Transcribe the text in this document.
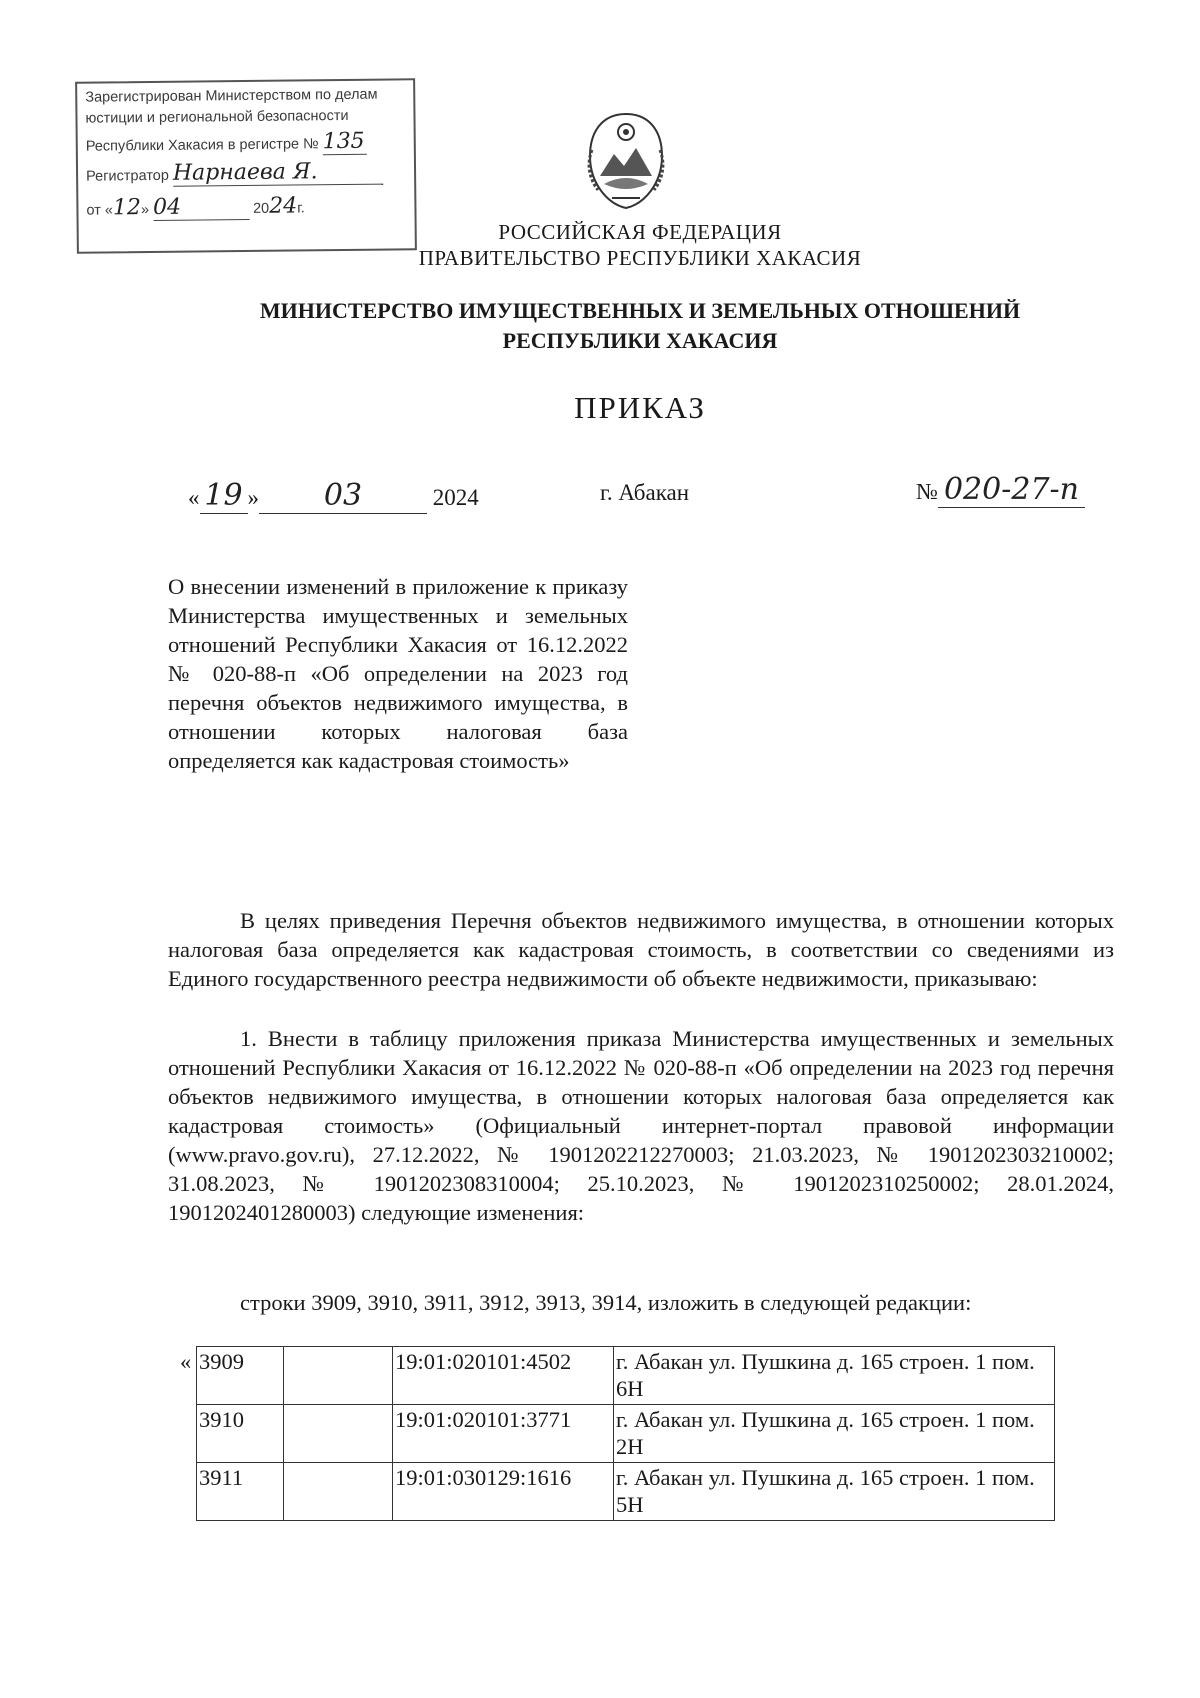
Зарегистрирован Министерством по делам
юстиции и региональной безопасности
Республики Хакасия в регистре № 135
Регистратор Нарнаева Я.
от «12» 04	2024г.
РОССИЙСКАЯ ФЕДЕРАЦИЯ
ПРАВИТЕЛЬСТВО РЕСПУБЛИКИ ХАКАСИЯ
МИНИСТЕРСТВО ИМУЩЕСТВЕННЫХ И ЗЕМЕЛЬНЫХ ОТНОШЕНИЙ
РЕСПУБЛИКИ ХАКАСИЯ
ПРИКАЗ
« 19 » 03	2024	г. Абакан	№ 020-27-п

О внесении изменений в приложение к приказу Министерства имущественных и земельных отношений Республики Хакасия от 16.12.2022 № 020-88-п «Об определении на 2023 год перечня объектов недвижимого имущества, в отношении которых налоговая база определяется как кадастровая стоимость»

В целях приведения Перечня объектов недвижимого имущества, в отношении которых налоговая база определяется как кадастровая стоимость, в соответствии со сведениями из Единого государственного реестра недвижимости об объекте недвижимости, приказываю:

1. Внести в таблицу приложения приказа Министерства имущественных и земельных отношений Республики Хакасия от 16.12.2022 № 020-88-п «Об определении на 2023 год перечня объектов недвижимого имущества, в отношении которых налоговая база определяется как кадастровая стоимость» (Официальный интернет-портал правовой информации (www.pravo.gov.ru), 27.12.2022, № 1901202212270003; 21.03.2023, № 1901202303210002; 31.08.2023, № 1901202308310004; 25.10.2023, № 1901202310250002; 28.01.2024, 1901202401280003) следующие изменения:

строки 3909, 3910, 3911, 3912, 3913, 3914, изложить в следующей редакции:
« 3909		19:01:020101:4502	г. Абакан ул. Пушкина д. 165 строен. 1 пом. 6Н
3910		19:01:020101:3771	г. Абакан ул. Пушкина д. 165 строен. 1 пом. 2Н
3911		19:01:030129:1616	г. Абакан ул. Пушкина д. 165 строен. 1 пом. 5Н
